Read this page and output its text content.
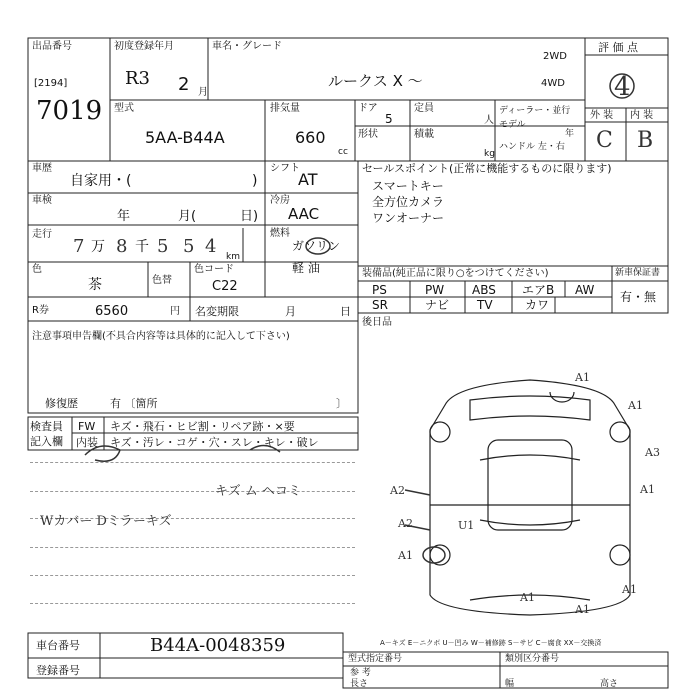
出品番号
[2194]
7019
初度登録年月
R3 2 月
車名・グレード
ルークス X ～
2WD
4WD
評 価 点
4
外 装 内 装
C B
型式
5AA-B44A
排気量
660
cc
ドア
5
定員
人
形状	積載
kg
ディーラー・並行
モデル
年
ハンドル 左・右
車歴
自家用・(	)
シフト
AT
車検
年	月(	日)
冷房
AAC
走行
7 万 8 千 5 5 4 km
燃料
ガソリン
軽 油
色
茶	色替
色コード
C22
R券	6560	円 名変期限	月	日
セールスポイント(正常に機能するものに限ります)
スマートキー
全方位カメラ
ワンオーナー
装備品(純正品に限り○をつけてください)	新車保証書
有・無
PS	PW ABS エアB AW
SR	ナビ TV	カワ
後日品
注意事項申告欄(不具合内容等は具体的に記入して下さい)
修復歴	有 〔箇所	〕
検査員
記入欄
FW キズ・飛石・ヒビ割・リペア跡・×要
内装 キズ・汚レ・コゲ・穴・スレ・キレ・破レ
キズ ム ヘコミ
Wカバー Dミラーキズ
A1
A1
A3
A1
A2
A2	U1
A1
A1
A1
A1
A－キズ E－ニクボ U－凹み W－補修跡 S－サビ C－腐食 XX－交換済
車台番号	B44A-0048359
登録番号
型式指定番号	類別区分番号
参 考
長さ	幅	高さ
